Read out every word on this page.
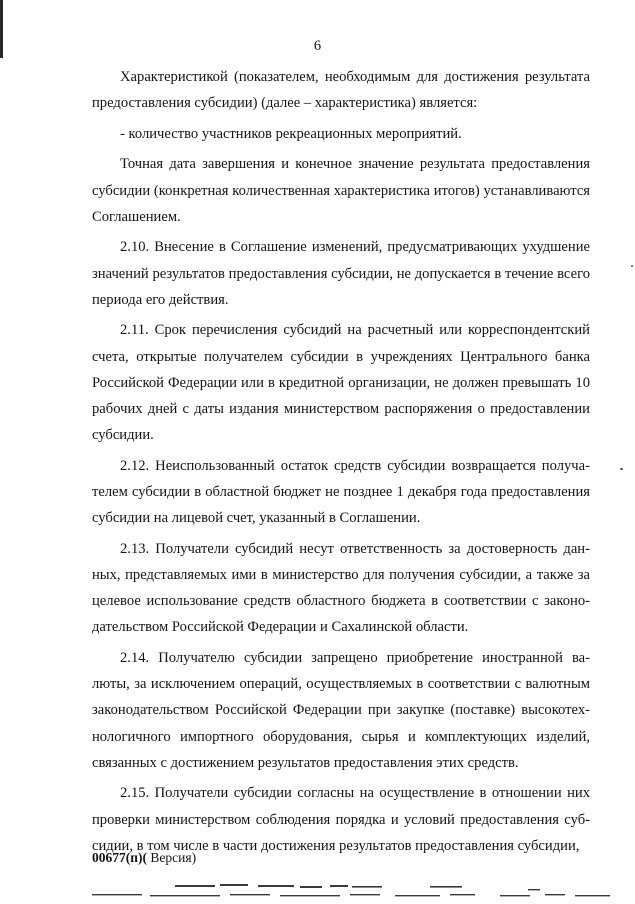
6

Характеристикой (показателем, необходимым для достижения результата предоставления субсидии) (далее – характеристика) является:

- количество участников рекреационных мероприятий.

Точная дата завершения и конечное значение результата предоставления субсидии (конкретная количественная характеристика итогов) устанавливаются Соглашением.

2.10. Внесение в Соглашение изменений, предусматривающих ухудшение значений результатов предоставления субсидии, не допускается в течение всего периода его действия.

2.11. Срок перечисления субсидий на расчетный или корреспондентский счета, открытые получателем субсидии в учреждениях Центрального банка Российской Федерации или в кредитной организации, не должен превышать 10 рабочих дней с даты издания министерством распоряжения о предоставлении субсидии.

2.12. Неиспользованный остаток средств субсидии возвращается получателем субсидии в областной бюджет не позднее 1 декабря года предоставления субсидии на лицевой счет, указанный в Соглашении.

2.13. Получатели субсидий несут ответственность за достоверность данных, представляемых ими в министерство для получения субсидии, а также за целевое использование средств областного бюджета в соответствии с законодательством Российской Федерации и Сахалинской области.

2.14. Получателю субсидии запрещено приобретение иностранной валюты, за исключением операций, осуществляемых в соответствии с валютным законодательством Российской Федерации при закупке (поставке) высокотехнологичного импортного оборудования, сырья и комплектующих изделий, связанных с достижением результатов предоставления этих средств.

2.15. Получатели субсидии согласны на осуществление в отношении них проверки министерством соблюдения порядка и условий предоставления субсидии, в том числе в части достижения результатов предоставления субсидии,

00677(п)( Версия)
